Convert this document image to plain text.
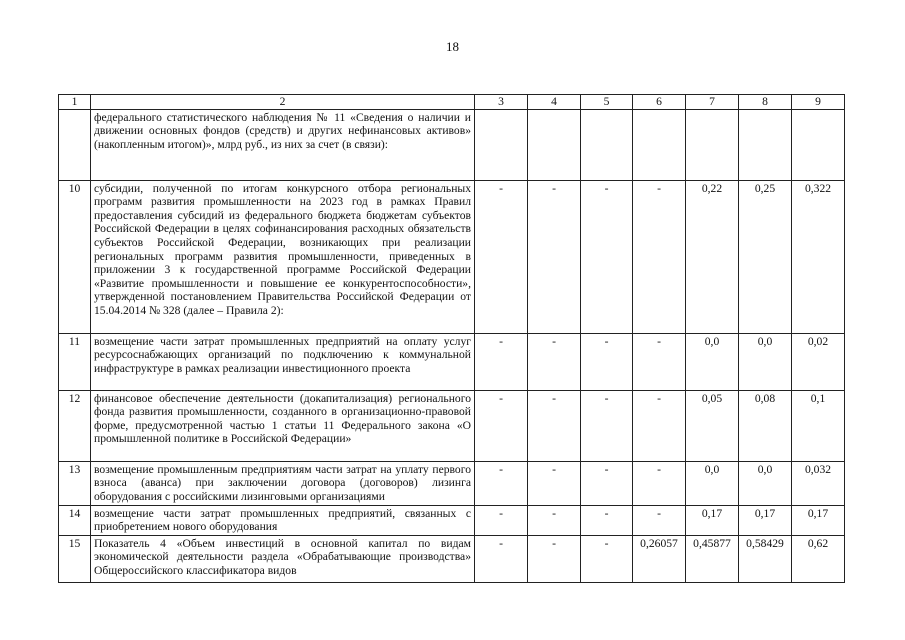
18
1	2	3	4	5	6	7	8	9
	федерального статистического наблюдения № 11 «Сведения о наличии и движении основных фондов (средств) и других нефинансовых активов» (накопленным итогом)», млрд руб., из них за счет (в связи):							
10	субсидии, полученной по итогам конкурсного отбора региональных программ развития промышленности на 2023 год в рамках Правил предоставления субсидий из федерального бюджета бюджетам субъектов Российской Федерации в целях софинансирования расходных обязательств субъектов Российской Федерации, возникающих при реализации региональных программ развития промышленности, приведенных в приложении 3 к государственной программе Российской Федерации «Развитие промышленности и повышение ее конкурентоспособности», утвержденной постановлением Правительства Российской Федерации от 15.04.2014 № 328 (далее – Правила 2):	-	-	-	-	0,22	0,25	0,322
11	возмещение части затрат промышленных предприятий на оплату услуг ресурсоснабжающих организаций по подключению к коммунальной инфраструктуре в рамках реализации инвестиционного проекта	-	-	-	-	0,0	0,0	0,02
12	финансовое обеспечение деятельности (докапитализация) регионального фонда развития промышленности, созданного в организационно-правовой форме, предусмотренной частью 1 статьи 11 Федерального закона «О промышленной политике в Российской Федерации»	-	-	-	-	0,05	0,08	0,1
13	возмещение промышленным предприятиям части затрат на уплату первого взноса (аванса) при заключении договора (договоров) лизинга оборудования с российскими лизинговыми организациями	-	-	-	-	0,0	0,0	0,032
14	возмещение части затрат промышленных предприятий, связанных с приобретением нового оборудования	-	-	-	-	0,17	0,17	0,17
15	Показатель 4 «Объем инвестиций в основной капитал по видам экономической деятельности раздела «Обрабатывающие производства» Общероссийского классификатора видов	-	-	-	0,26057	0,45877	0,58429	0,62
